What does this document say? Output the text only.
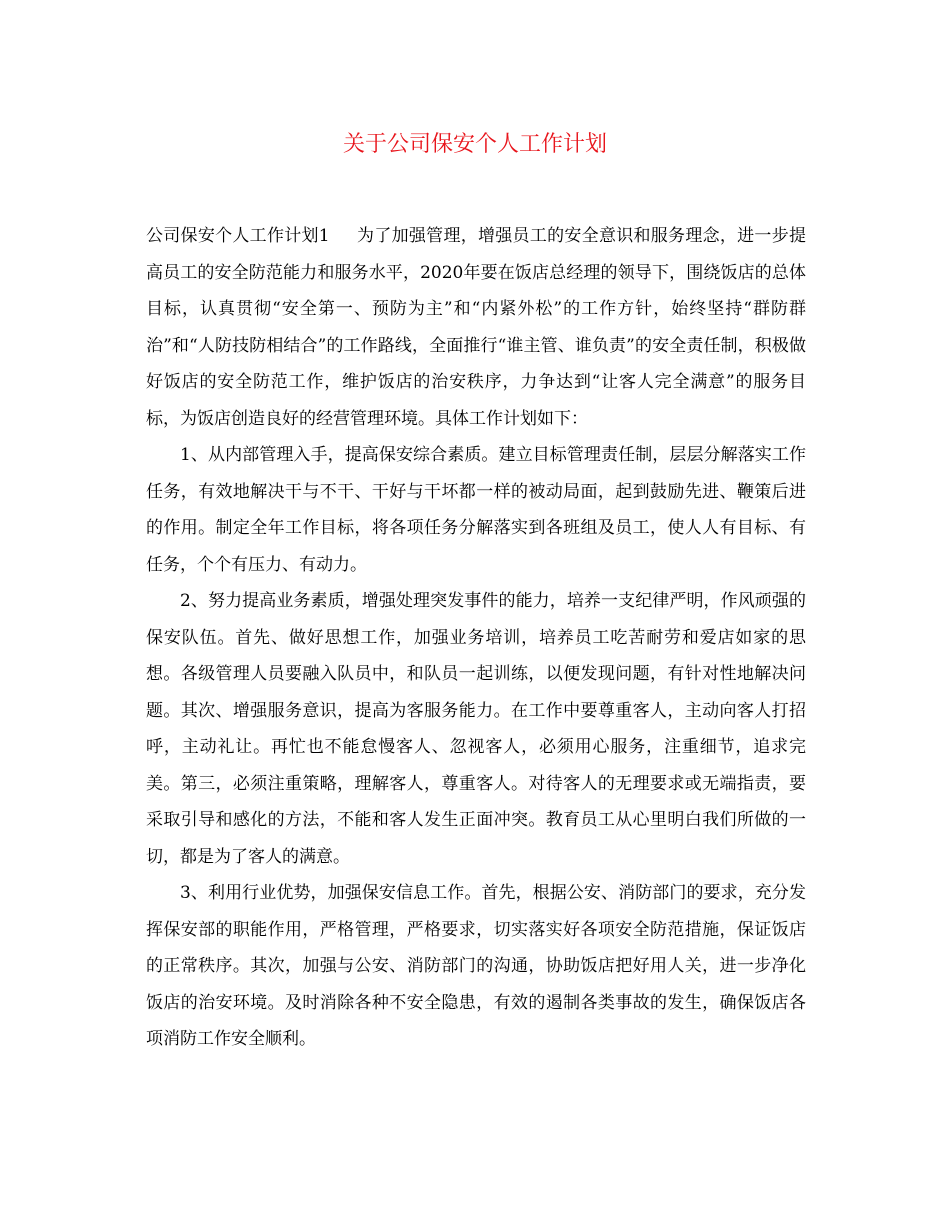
关于公司保安个人工作计划

公司保安个人工作计划1 为了加强管理，增强员工的安全意识和服务理念，进一步提高员工的安全防范能力和服务水平，2020年要在饭店总经理的领导下，围绕饭店的总体目标，认真贯彻“安全第一、预防为主”和“内紧外松”的工作方针，始终坚持“群防群治”和“人防技防相结合”的工作路线，全面推行“谁主管、谁负责”的安全责任制，积极做好饭店的安全防范工作，维护饭店的治安秩序，力争达到“让客人完全满意”的服务目标，为饭店创造良好的经营管理环境。具体工作计划如下：

1、从内部管理入手，提高保安综合素质。建立目标管理责任制，层层分解落实工作任务，有效地解决干与不干、干好与干坏都一样的被动局面，起到鼓励先进、鞭策后进的作用。制定全年工作目标，将各项任务分解落实到各班组及员工，使人人有目标、有任务，个个有压力、有动力。

2、努力提高业务素质，增强处理突发事件的能力，培养一支纪律严明，作风顽强的保安队伍。首先、做好思想工作，加强业务培训，培养员工吃苦耐劳和爱店如家的思想。各级管理人员要融入队员中，和队员一起训练，以便发现问题，有针对性地解决问题。其次、增强服务意识，提高为客服务能力。在工作中要尊重客人，主动向客人打招呼，主动礼让。再忙也不能怠慢客人、忽视客人，必须用心服务，注重细节，追求完美。第三，必须注重策略，理解客人，尊重客人。对待客人的无理要求或无端指责，要采取引导和感化的方法，不能和客人发生正面冲突。教育员工从心里明白我们所做的一切，都是为了客人的满意。

3、利用行业优势，加强保安信息工作。首先，根据公安、消防部门的要求，充分发挥保安部的职能作用，严格管理，严格要求，切实落实好各项安全防范措施，保证饭店的正常秩序。其次，加强与公安、消防部门的沟通，协助饭店把好用人关，进一步净化饭店的治安环境。及时消除各种不安全隐患，有效的遏制各类事故的发生，确保饭店各项消防工作安全顺利。
